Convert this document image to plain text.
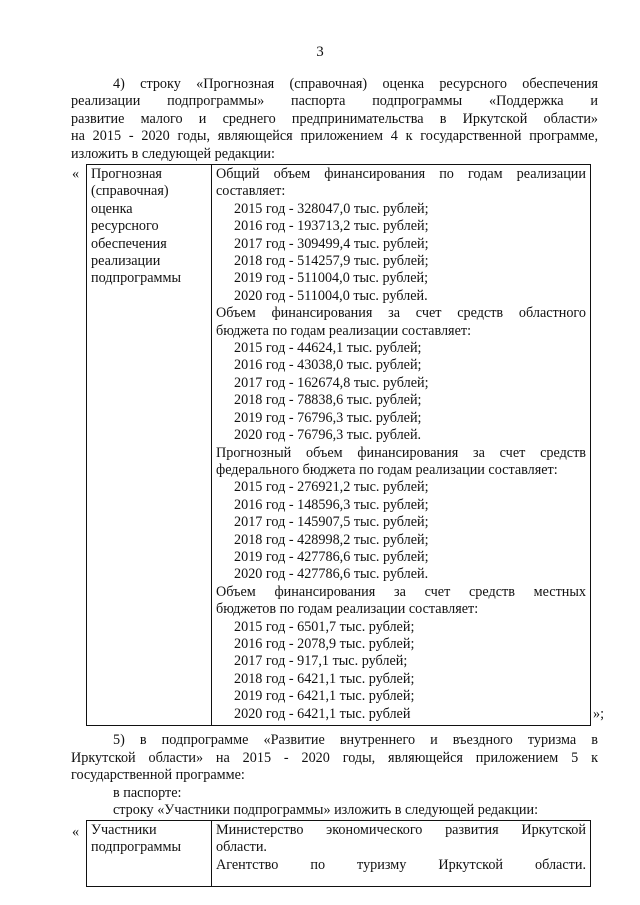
3
4) строку «Прогнозная (справочная) оценка ресурсного обеспечения
реализации подпрограммы» паспорта подпрограммы «Поддержка и
развитие малого и среднего предпринимательства в Иркутской области»
на 2015 - 2020 годы, являющейся приложением 4 к государственной программе,
изложить в следующей редакции:
« Прогнозная
(справочная)
оценка
ресурсного
обеспечения
реализации
подпрограммы

Общий объем финансирования по годам реализации
составляет:
2015 год - 328047,0 тыс. рублей;
2016 год - 193713,2 тыс. рублей;
2017 год - 309499,4 тыс. рублей;
2018 год - 514257,9 тыс. рублей;
2019 год - 511004,0 тыс. рублей;
2020 год - 511004,0 тыс. рублей.
Объем финансирования за счет средств областного
бюджета по годам реализации составляет:
2015 год - 44624,1 тыс. рублей;
2016 год - 43038,0 тыс. рублей;
2017 год - 162674,8 тыс. рублей;
2018 год - 78838,6 тыс. рублей;
2019 год - 76796,3 тыс. рублей;
2020 год - 76796,3 тыс. рублей.
Прогнозный объем финансирования за счет средств
федерального бюджета по годам реализации составляет:
2015 год - 276921,2 тыс. рублей;
2016 год - 148596,3 тыс. рублей;
2017 год - 145907,5 тыс. рублей;
2018 год - 428998,2 тыс. рублей;
2019 год - 427786,6 тыс. рублей;
2020 год - 427786,6 тыс. рублей.
Объем финансирования за счет средств местных
бюджетов по годам реализации составляет:
2015 год - 6501,7 тыс. рублей;
2016 год - 2078,9 тыс. рублей;
2017 год - 917,1 тыс. рублей;
2018 год - 6421,1 тыс. рублей;
2019 год - 6421,1 тыс. рублей;
2020 год - 6421,1 тыс. рублей	»;
5) в подпрограмме «Развитие внутреннего и въездного туризма в
Иркутской области» на 2015 - 2020 годы, являющейся приложением 5 к
государственной программе:
в паспорте:
строку «Участники подпрограммы» изложить в следующей редакции:
« Участники
подпрограммы

Министерство экономического развития Иркутской
области.
Агентство по туризму Иркутской области.
